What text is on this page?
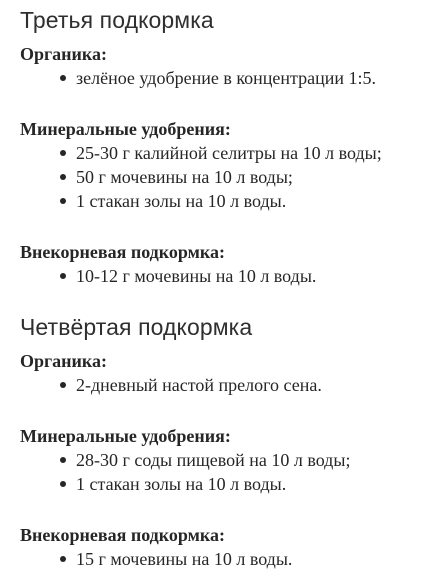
Третья подкормка

Органика:

зелёное удобрение в концентрации 1:5.

Минеральные удобрения:

25-30 г калийной селитры на 10 л воды;
50 г мочевины на 10 л воды;
1 стакан золы на 10 л воды.

Внекорневая подкормка:

10-12 г мочевины на 10 л воды.
Четвёртая подкормка

Органика:

2-дневный настой прелого сена.

Минеральные удобрения:

28-30 г соды пищевой на 10 л воды;
1 стакан золы на 10 л воды.

Внекорневая подкормка:

15 г мочевины на 10 л воды.
